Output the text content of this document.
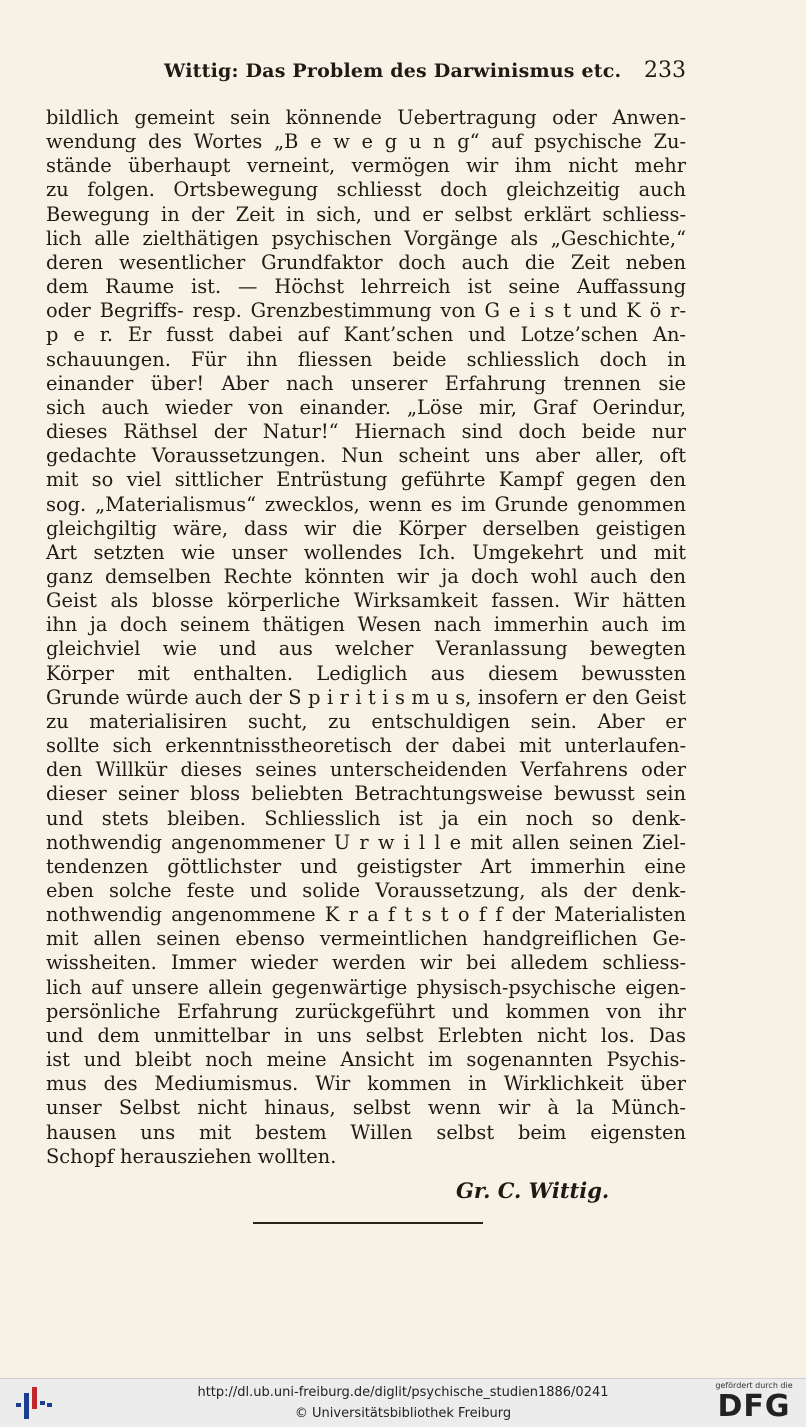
Wittig: Das Problem des Darwinismus etc. 233
bildlich gemeint sein könnende Uebertragung oder Anwen-
wendung des Wortes „B e w e g u n g“ auf psychische Zu-
stände überhaupt verneint, vermögen wir ihm nicht mehr
zu folgen. Ortsbewegung schliesst doch gleichzeitig auch
Bewegung in der Zeit in sich, und er selbst erklärt schliess-
lich alle zielthätigen psychischen Vorgänge als „Geschichte,“
deren wesentlicher Grundfaktor doch auch die Zeit neben
dem Raume ist. — Höchst lehrreich ist seine Auffassung
oder Begriffs- resp. Grenzbestimmung von G e i s t und K ö r-
p e r. Er fusst dabei auf Kant’schen und Lotze’schen An-
schauungen. Für ihn fliessen beide schliesslich doch in
einander über! Aber nach unserer Erfahrung trennen sie
sich auch wieder von einander. „Löse mir, Graf Oerindur,
dieses Räthsel der Natur!“ Hiernach sind doch beide nur
gedachte Voraussetzungen. Nun scheint uns aber aller, oft
mit so viel sittlicher Entrüstung geführte Kampf gegen den
sog. „Materialismus“ zwecklos, wenn es im Grunde genommen
gleichgiltig wäre, dass wir die Körper derselben geistigen
Art setzten wie unser wollendes Ich. Umgekehrt und mit
ganz demselben Rechte könnten wir ja doch wohl auch den
Geist als blosse körperliche Wirksamkeit fassen. Wir hätten
ihn ja doch seinem thätigen Wesen nach immerhin auch im
gleichviel wie und aus welcher Veranlassung bewegten
Körper mit enthalten. Lediglich aus diesem bewussten
Grunde würde auch der S p i r i t i s m u s, insofern er den Geist
zu materialisiren sucht, zu entschuldigen sein. Aber er
sollte sich erkenntnisstheoretisch der dabei mit unterlaufen-
den Willkür dieses seines unterscheidenden Verfahrens oder
dieser seiner bloss beliebten Betrachtungsweise bewusst sein
und stets bleiben. Schliesslich ist ja ein noch so denk-
nothwendig angenommener U r w i l l e mit allen seinen Ziel-
tendenzen göttlichster und geistigster Art immerhin eine
eben solche feste und solide Voraussetzung, als der denk-
nothwendig angenommene K r a f t s t o f f der Materialisten
mit allen seinen ebenso vermeintlichen handgreiflichen Ge-
wissheiten. Immer wieder werden wir bei alledem schliess-
lich auf unsere allein gegenwärtige physisch-psychische eigen-
persönliche Erfahrung zurückgeführt und kommen von ihr
und dem unmittelbar in uns selbst Erlebten nicht los. Das
ist und bleibt noch meine Ansicht im sogenannten Psychis-
mus des Mediumismus. Wir kommen in Wirklichkeit über
unser Selbst nicht hinaus, selbst wenn wir à la Münch-
hausen uns mit bestem Willen selbst beim eigensten
Schopf herausziehen wollten.
Gr. C. Wittig.
http://dl.ub.uni-freiburg.de/diglit/psychische_studien1886/0241
© Universitätsbibliothek Freiburg
gefördert durch die
DFG
